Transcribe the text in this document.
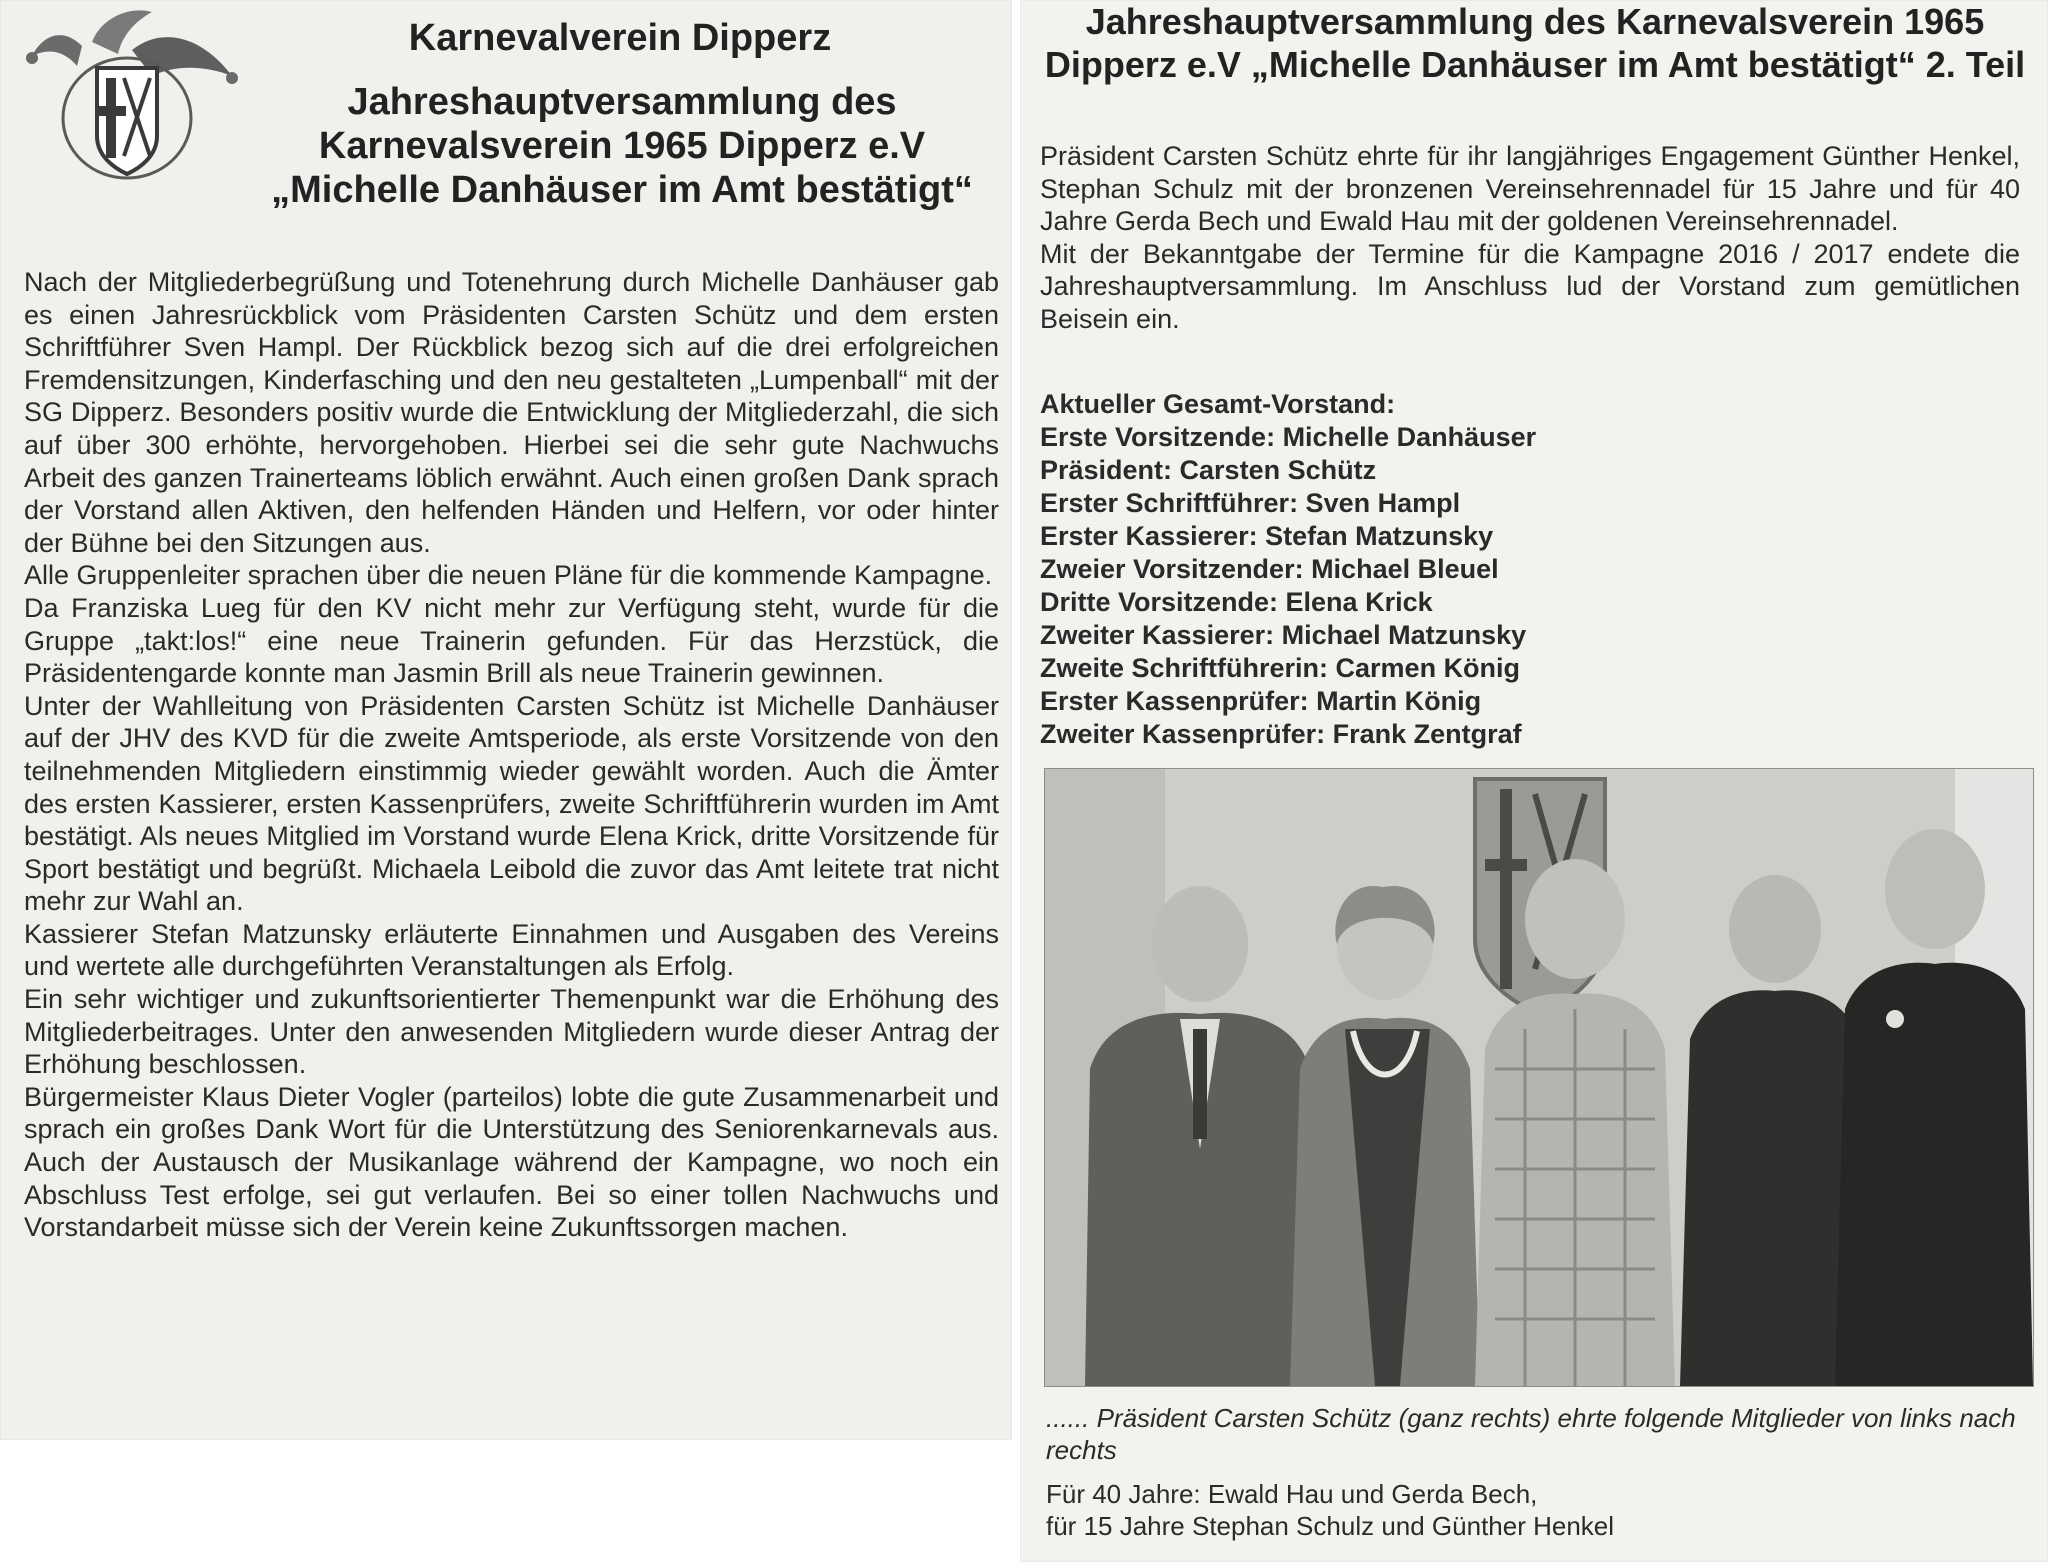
Karnevalverein Dipperz
Jahreshauptversammlung des Karnevalsverein 1965 Dipperz e.V „Michelle Danhäuser im Amt bestätigt“

Nach der Mitgliederbegrüßung und Totenehrung durch Michelle Danhäuser gab es einen Jahresrückblick vom Präsidenten Carsten Schütz und dem ersten Schriftführer Sven Hampl. Der Rückblick bezog sich auf die drei erfolgreichen Fremdensitzungen, Kinderfasching und den neu gestalteten „Lumpenball“ mit der SG Dipperz. Besonders positiv wurde die Entwicklung der Mitgliederzahl, die sich auf über 300 erhöhte, hervorgehoben. Hierbei sei die sehr gute Nachwuchs Arbeit des ganzen Trainerteams löblich erwähnt. Auch einen großen Dank sprach der Vorstand allen Aktiven, den helfenden Händen und Helfern, vor oder hinter der Bühne bei den Sitzungen aus.

Alle Gruppenleiter sprachen über die neuen Pläne für die kommende Kampagne.

Da Franziska Lueg für den KV nicht mehr zur Verfügung steht, wurde für die Gruppe „takt:los!“ eine neue Trainerin gefunden. Für das Herzstück, die Präsidentengarde konnte man Jasmin Brill als neue Trainerin gewinnen.

Unter der Wahlleitung von Präsidenten Carsten Schütz ist Michelle Danhäuser auf der JHV des KVD für die zweite Amtsperiode, als erste Vorsitzende von den teilnehmenden Mitgliedern einstimmig wieder gewählt worden. Auch die Ämter des ersten Kassierer, ersten Kassenprüfers, zweite Schriftführerin wurden im Amt bestätigt. Als neues Mitglied im Vorstand wurde Elena Krick, dritte Vorsitzende für Sport bestätigt und begrüßt. Michaela Leibold die zuvor das Amt leitete trat nicht mehr zur Wahl an.

Kassierer Stefan Matzunsky erläuterte Einnahmen und Ausgaben des Vereins und wertete alle durchgeführten Veranstaltungen als Erfolg.

Ein sehr wichtiger und zukunftsorientierter Themenpunkt war die Erhöhung des Mitgliederbeitrages. Unter den anwesenden Mitgliedern wurde dieser Antrag der Erhöhung beschlossen.

Bürgermeister Klaus Dieter Vogler (parteilos) lobte die gute Zusammenarbeit und sprach ein großes Dank Wort für die Unterstützung des Seniorenkarnevals aus. Auch der Austausch der Musikanlage während der Kampagne, wo noch ein Abschluss Test erfolge, sei gut verlaufen. Bei so einer tollen Nachwuchs und Vorstandarbeit müsse sich der Verein keine Zukunftssorgen machen.

Jahreshauptversammlung des Karnevalsverein 1965 Dipperz e.V „Michelle Danhäuser im Amt bestätigt“ 2. Teil

Präsident Carsten Schütz ehrte für ihr langjähriges Engagement Günther Henkel, Stephan Schulz mit der bronzenen Vereinsehrennadel für 15 Jahre und für 40 Jahre Gerda Bech und Ewald Hau mit der goldenen Vereinsehrennadel.

Mit der Bekanntgabe der Termine für die Kampagne 2016 / 2017 endete die Jahreshauptversammlung. Im Anschluss lud der Vorstand zum gemütlichen Beisein ein.

Aktueller Gesamt-Vorstand:
Erste Vorsitzende: Michelle Danhäuser
Präsident: Carsten Schütz
Erster Schriftführer: Sven Hampl
Erster Kassierer: Stefan Matzunsky
Zweier Vorsitzender: Michael Bleuel
Dritte Vorsitzende: Elena Krick
Zweiter Kassierer: Michael Matzunsky
Zweite Schriftführerin: Carmen König
Erster Kassenprüfer: Martin König
Zweiter Kassenprüfer: Frank Zentgraf
...... Präsident Carsten Schütz (ganz rechts) ehrte folgende Mitglieder von links nach rechts
Für 40 Jahre: Ewald Hau und Gerda Bech,
für 15 Jahre Stephan Schulz und Günther Henkel
